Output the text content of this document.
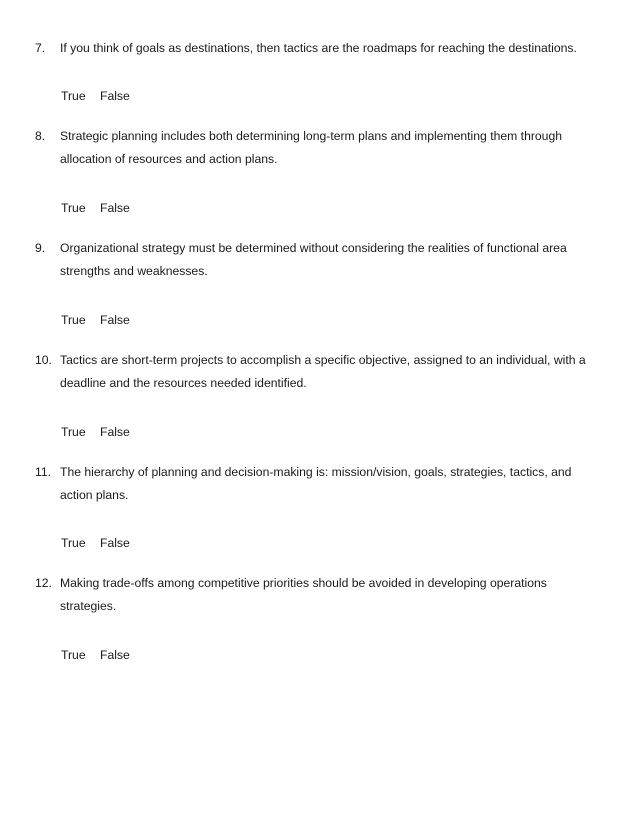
7.	If you think of goals as destinations, then tactics are the roadmaps for reaching the destinations.
True	False
8.	Strategic planning includes both determining long-term plans and implementing them through allocation of resources and action plans.
True	False
9.	Organizational strategy must be determined without considering the realities of functional area strengths and weaknesses.
True	False
10. Tactics are short-term projects to accomplish a specific objective, assigned to an individual, with a deadline and the resources needed identified.
True	False
11. The hierarchy of planning and decision-making is: mission/vision, goals, strategies, tactics, and action plans.
True	False
12. Making trade-offs among competitive priorities should be avoided in developing operations strategies.
True	False
